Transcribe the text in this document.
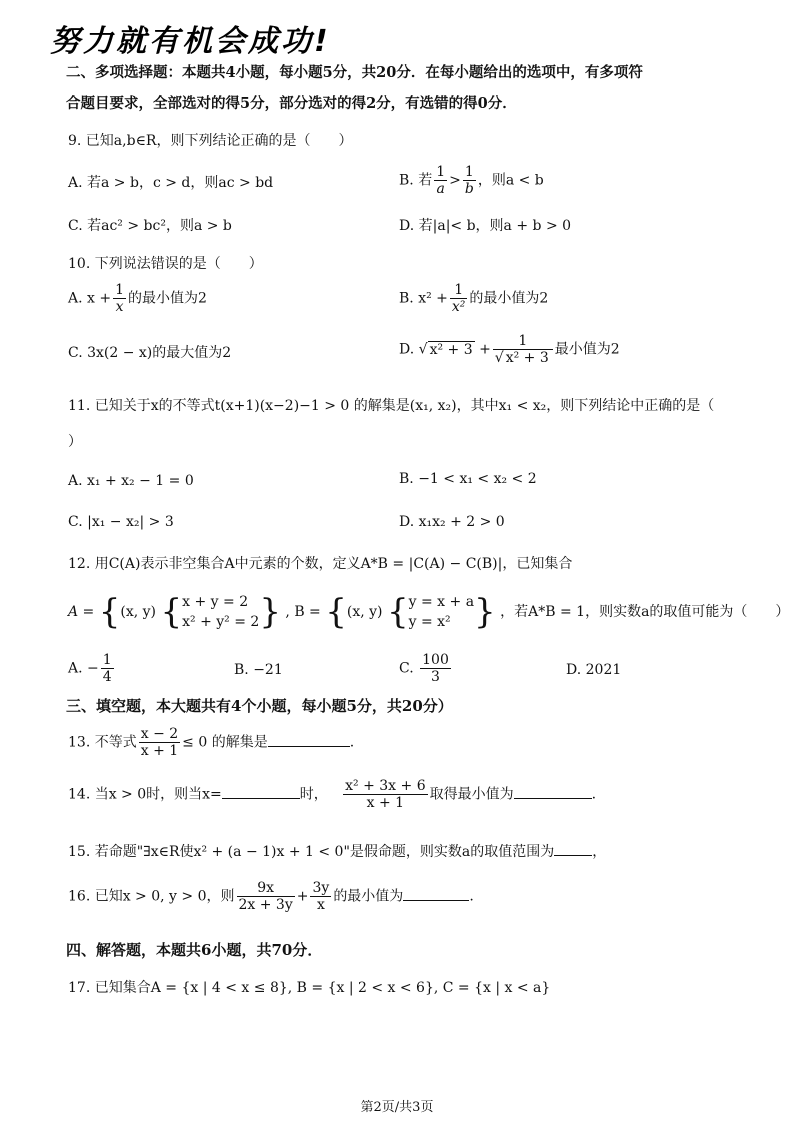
努力就有机会成功!
二、多项选择题：本题共4小题，每小题5分，共20分．在每小题给出的选项中，有多项符
合题目要求，全部选对的得5分，部分选对的得2分，有选错的得0分．
9. 已知a,b∈R，则下列结论正确的是（　　）
A. 若a > b，c > d，则ac > bd	B. 若 $\frac{1}{a} > \frac{1}{b}$ ，则a < b
C. 若ac² > bc²，则a > b	D. 若|a|< b，则a + b > 0
10. 下列说法错误的是（　　）
A. $x + \frac{1}{x}$ 的最小值为2	B. $x^2 + \frac{1}{\text{x²}}$ 的最小值为2
C. 3x(2 − x)的最大值为2	D. √ $x^2 + 3 + \frac{1}{\text{√ x² + 3}}$ 最小值为2
11. 已知关于x的不等式t(x+1)(x−2)−1 > 0 的解集是(x₁, x₂)，其中x₁ < x₂，则下列结论中正确的是（
）
A. x₁ + x₂ − 1 = 0	B. −1 < x₁ < x₂ < 2
C. |x₁ − x₂| > 3	D. x₁x₂ + 2 > 0
12. 用C(A)表示非空集合A中元素的个数，定义A*B = |C(A) − C(B)|，已知集合
A = {(x, y) { x + y = 2
x² + y² = 2 } , B = {(x, y) { y = x + a
y = x² } ，若A*B = 1，则实数a的取值可能为（　　）
A. − $\frac{1}{4}$	B. −21	C. $\frac{100}{3}$	D. 2021
三、填空题，本大题共有4个小题，每小题5分，共20分）
13. 不等式 $\frac{x - 2}{x + 1} \le 0$ 的解集是	.
14. 当x > 0时，则当x=	时， $\frac{\text{x² + 3x + 6}}{x + 1}$ 取得最小值为	.
15. 若命题"∃x∈R使x² + (a − 1)x + 1 < 0"是假命题，则实数a的取值范围为	，
16. 已知x > 0, y > 0，则 $\frac{9x}{2x + 3y} + \frac{3y}{x}$ 的最小值为	.
四、解答题，本题共6小题，共70分．
17. 已知集合A = {x | 4 < x ≤ 8}, B = {x | 2 < x < 6}, C = {x | x < a}
第2页/共3页
